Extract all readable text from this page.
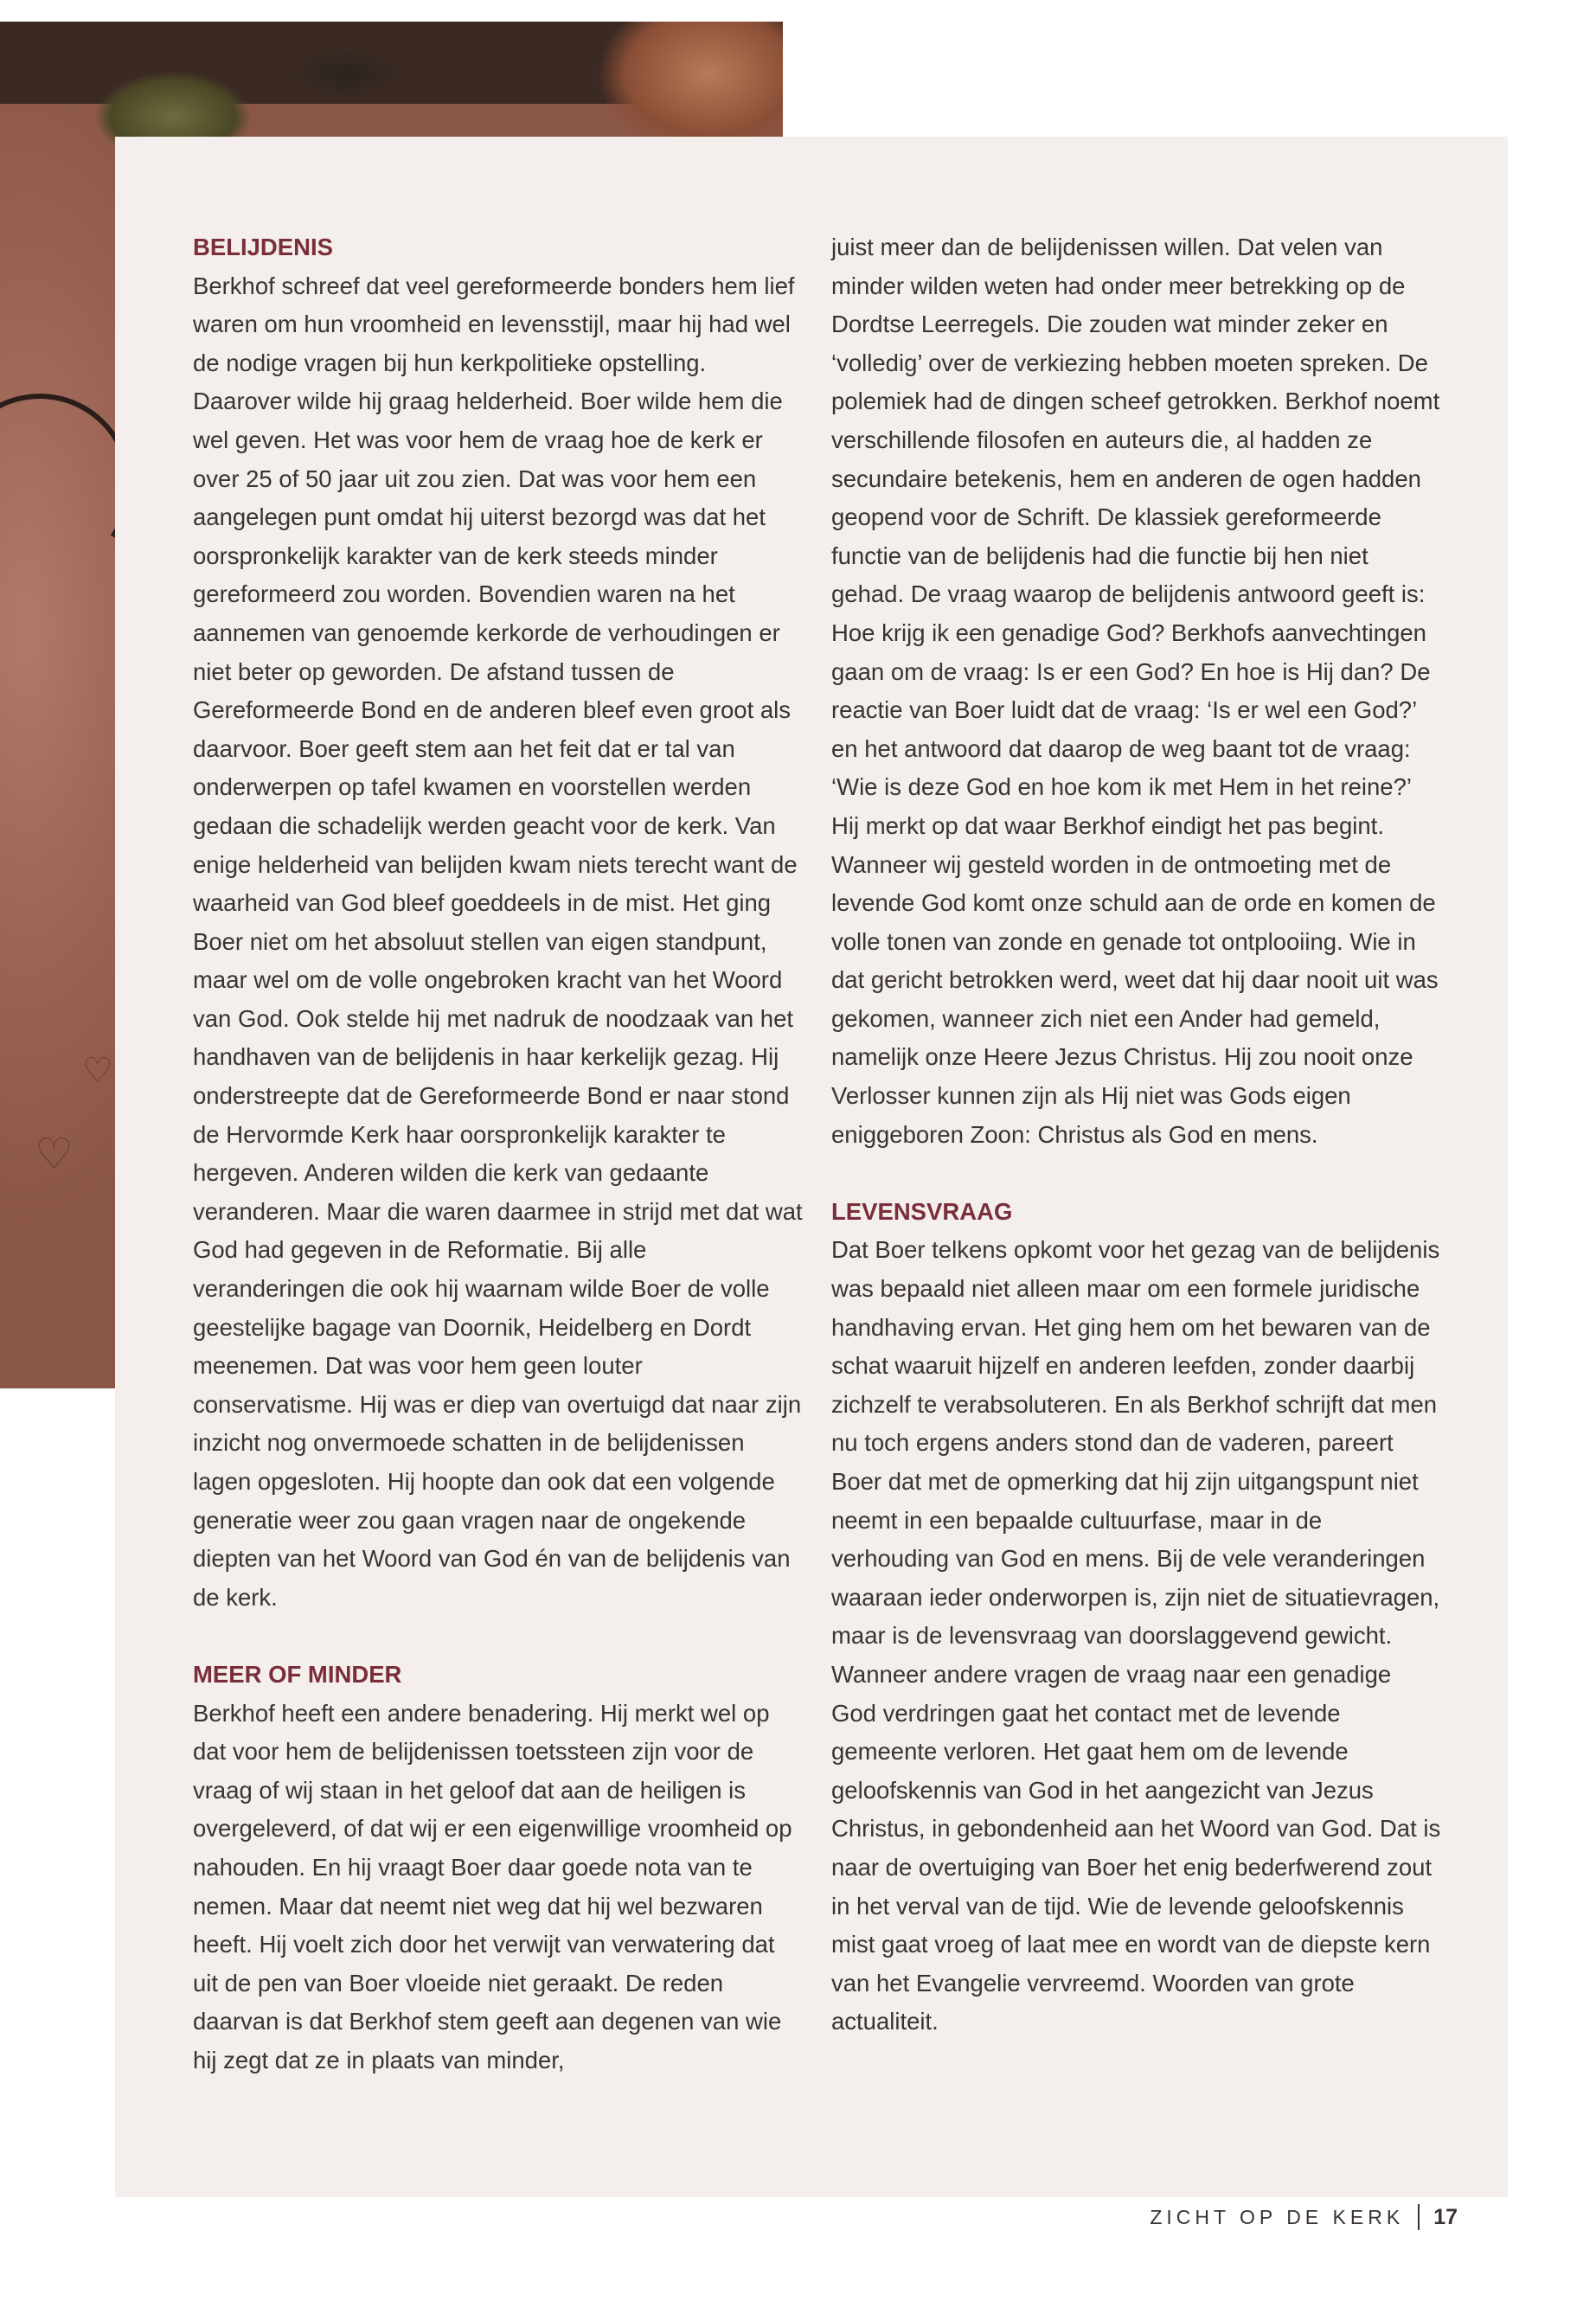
♡
♡
BELIJDENIS

Berkhof schreef dat veel gereformeerde bonders hem lief waren om hun vroomheid en levensstijl, maar hij had wel de nodige vragen bij hun kerkpolitieke opstelling. Daarover wilde hij graag helderheid. Boer wilde hem die wel geven. Het was voor hem de vraag hoe de kerk er over 25 of 50 jaar uit zou zien. Dat was voor hem een aangelegen punt omdat hij uiterst bezorgd was dat het oorspronkelijk karakter van de kerk steeds minder gereformeerd zou worden. Bovendien waren na het aannemen van genoemde kerkorde de verhoudingen er niet beter op geworden. De afstand tussen de Gereformeerde Bond en de anderen bleef even groot als daarvoor. Boer geeft stem aan het feit dat er tal van onderwerpen op tafel kwamen en voorstellen werden gedaan die schadelijk werden geacht voor de kerk. Van enige helderheid van belijden kwam niets terecht want de waarheid van God bleef goeddeels in de mist. Het ging Boer niet om het absoluut stellen van eigen standpunt, maar wel om de volle ongebroken kracht van het Woord van God. Ook stelde hij met nadruk de noodzaak van het handhaven van de belijdenis in haar kerkelijk gezag. Hij onderstreepte dat de Gereformeerde Bond er naar stond de Hervormde Kerk haar oorspronkelijk karakter te hergeven. Anderen wilden die kerk van gedaante veranderen. Maar die waren daarmee in strijd met dat wat God had gegeven in de Reformatie. Bij alle veranderingen die ook hij waarnam wilde Boer de volle geestelijke bagage van Doornik, Heidelberg en Dordt meenemen. Dat was voor hem geen louter conservatisme. Hij was er diep van overtuigd dat naar zijn inzicht nog onvermoede schatten in de belijdenissen lagen opgesloten. Hij hoopte dan ook dat een volgende generatie weer zou gaan vragen naar de ongekende diepten van het Woord van God én van de belijdenis van de kerk.

MEER OF MINDER

Berkhof heeft een andere benadering. Hij merkt wel op dat voor hem de belijdenissen toetssteen zijn voor de vraag of wij staan in het geloof dat aan de heiligen is overgeleverd, of dat wij er een eigenwillige vroomheid op nahouden. En hij vraagt Boer daar goede nota van te nemen. Maar dat neemt niet weg dat hij wel bezwaren heeft. Hij voelt zich door het verwijt van verwatering dat uit de pen van Boer vloeide niet geraakt. De reden daarvan is dat Berkhof stem geeft aan degenen van wie hij zegt dat ze in plaats van minder,

juist meer dan de belijdenissen willen. Dat velen van minder wilden weten had onder meer betrekking op de Dordtse Leerregels. Die zouden wat minder zeker en ‘volledig’ over de verkiezing hebben moeten spreken. De polemiek had de dingen scheef getrokken. Berkhof noemt verschillende filosofen en auteurs die, al hadden ze secundaire betekenis, hem en anderen de ogen hadden geopend voor de Schrift. De klassiek gereformeerde functie van de belijdenis had die functie bij hen niet gehad. De vraag waarop de belijdenis antwoord geeft is: Hoe krijg ik een genadige God? Berkhofs aanvechtingen gaan om de vraag: Is er een God? En hoe is Hij dan? De reactie van Boer luidt dat de vraag: ‘Is er wel een God?’ en het antwoord dat daarop de weg baant tot de vraag: ‘Wie is deze God en hoe kom ik met Hem in het reine?’ Hij merkt op dat waar Berkhof eindigt het pas begint. Wanneer wij gesteld worden in de ontmoeting met de levende God komt onze schuld aan de orde en komen de volle tonen van zonde en genade tot ontplooiing. Wie in dat gericht betrokken werd, weet dat hij daar nooit uit was gekomen, wanneer zich niet een Ander had gemeld, namelijk onze Heere Jezus Christus. Hij zou nooit onze Verlosser kunnen zijn als Hij niet was Gods eigen eniggeboren Zoon: Christus als God en mens.

LEVENSVRAAG

Dat Boer telkens opkomt voor het gezag van de belijdenis was bepaald niet alleen maar om een formele juridische handhaving ervan. Het ging hem om het bewaren van de schat waaruit hijzelf en anderen leefden, zonder daarbij zichzelf te verabsoluteren. En als Berkhof schrijft dat men nu toch ergens anders stond dan de vaderen, pareert Boer dat met de opmerking dat hij zijn uitgangspunt niet neemt in een bepaalde cultuurfase, maar in de verhouding van God en mens. Bij de vele veranderingen waaraan ieder onderworpen is, zijn niet de situatievragen, maar is de levensvraag van doorslaggevend gewicht. Wanneer andere vragen de vraag naar een genadige God verdringen gaat het contact met de levende gemeente verloren. Het gaat hem om de levende geloofskennis van God in het aangezicht van Jezus Christus, in gebondenheid aan het Woord van God. Dat is naar de overtuiging van Boer het enig bederfwerend zout in het verval van de tijd. Wie de levende geloofskennis mist gaat vroeg of laat mee en wordt van de diepste kern van het Evangelie vervreemd. Woorden van grote actualiteit.

ZICHT OP DE KERK 17
